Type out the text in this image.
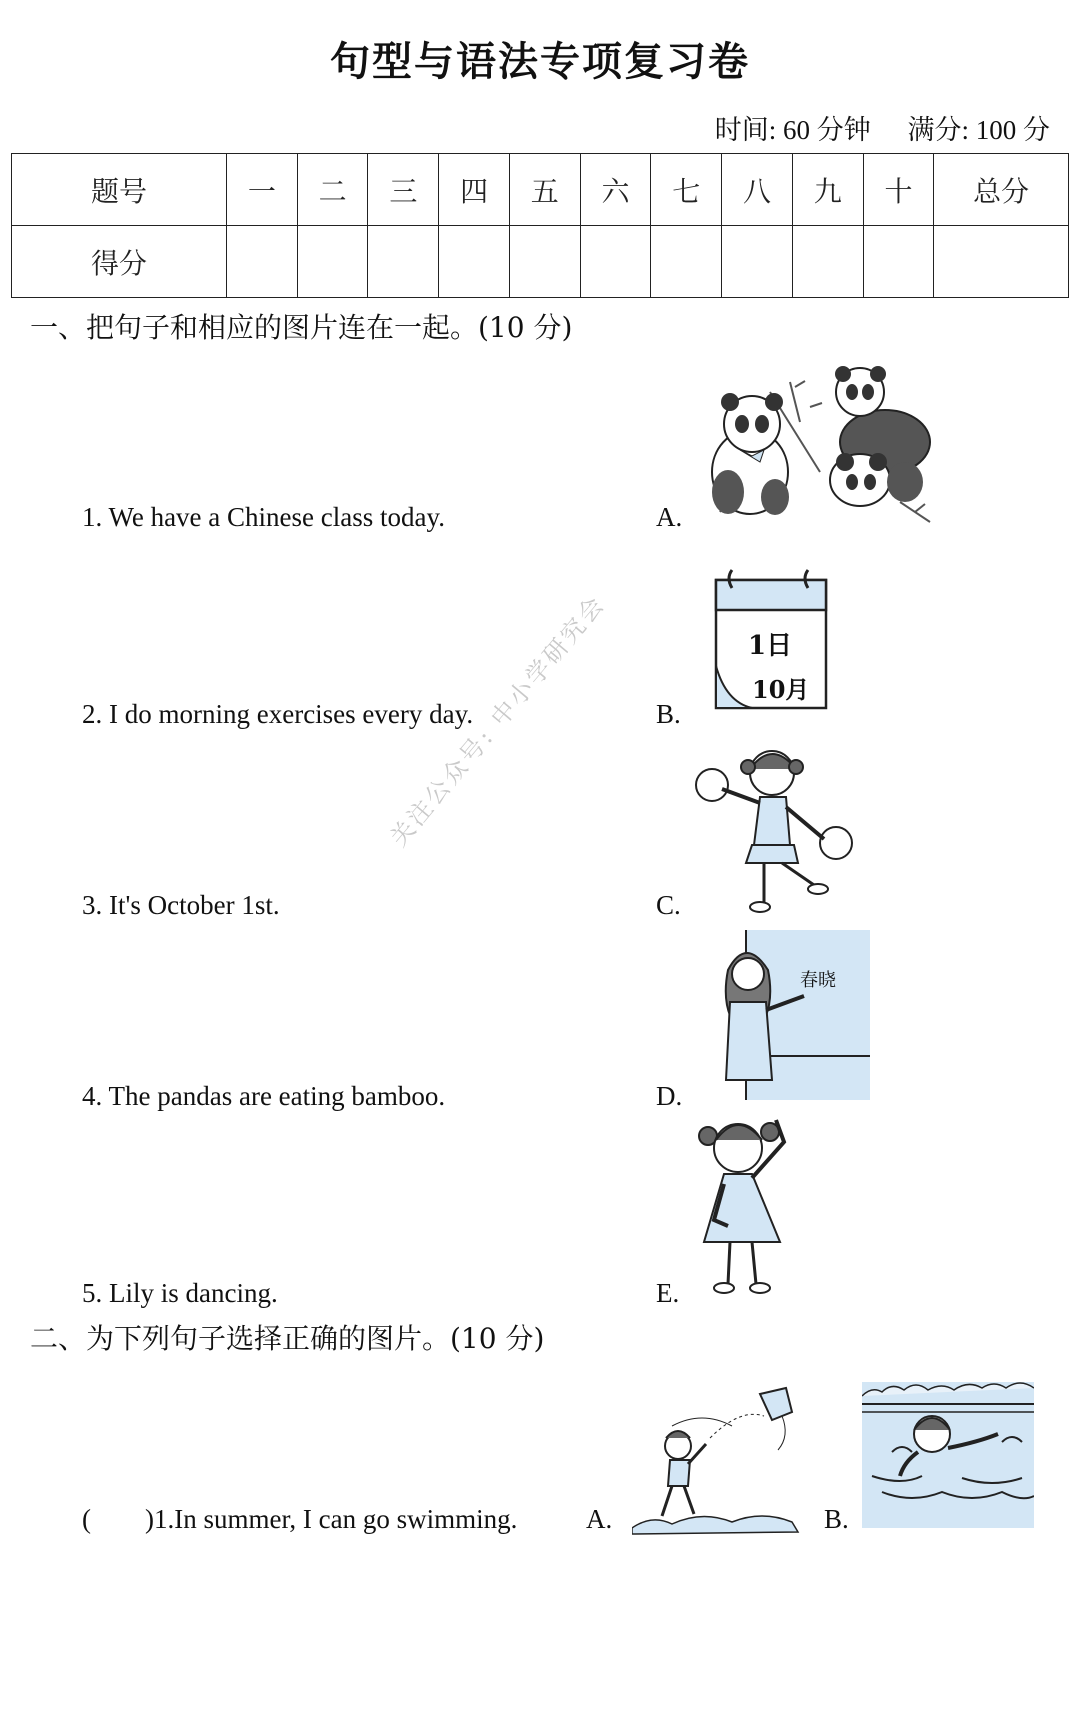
句型与语法专项复习卷
时间: 60 分钟 满分: 100 分
题号	一	二	三	四	五	六	七	八	九	十	总分
得分											
一、把句子和相应的图片连在一起。(10 分)
1. We have a Chinese class today.
2. I do morning exercises every day.
3. It's October 1st.
4. The pandas are eating bamboo.
5. Lily is dancing.
A.
B.
C.
D.
E.
1日
10月
春晓
关注公众号: 中小学研究会
二、为下列句子选择正确的图片。(10 分)
(        )1.In summer, I can go swimming.	A.	B.
